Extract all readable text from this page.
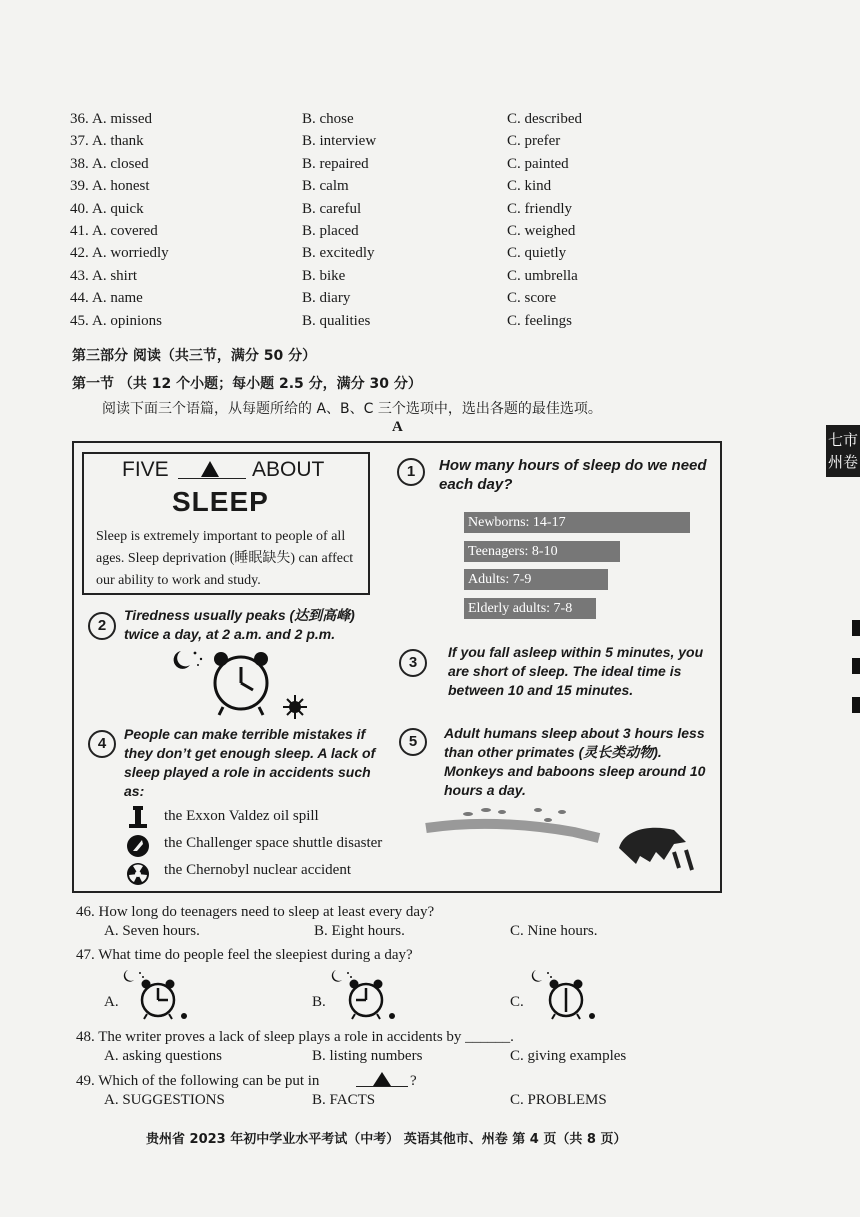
36. A. missed	B. chose	C. described
37. A. thank	B. interview	C. prefer
38. A. closed	B. repaired	C. painted
39. A. honest	B. calm	C. kind
40. A. quick	B. careful	C. friendly
41. A. covered	B. placed	C. weighed
42. A. worriedly	B. excitedly	C. quietly
43. A. shirt	B. bike	C. umbrella
44. A. name	B. diary	C. score
45. A. opinions	B. qualities	C. feelings
第三部分 阅读（共三节，满分 50 分）
第一节 （共 12 个小题；每小题 2.5 分，满分 30 分）
阅读下面三个语篇，从每题所给的 A、B、C 三个选项中，选出各题的最佳选项。
A
FIVE	ABOUT
SLEEP
Sleep is extremely important to people of all ages. Sleep deprivation (睡眠缺失) can affect our ability to work and study.
1	How many hours of sleep do we need each day?
Newborns: 14-17
Teenagers: 8-10
Adults: 7-9
Elderly adults: 7-8
2
Tiredness usually peaks (达到高峰) twice a day, at 2 a.m. and 2 p.m.
3
If you fall asleep within 5 minutes, you are short of sleep. The ideal time is between 10 and 15 minutes.
4
People can make terrible mistakes if they don’t get enough sleep. A lack of sleep played a role in accidents such as:
the Exxon Valdez oil spill
the Challenger space shuttle disaster
the Chernobyl nuclear accident
5	Adult humans sleep about 3 hours less than other primates (灵长类动物). Monkeys and baboons sleep around 10 hours a day.
46. How long do teenagers need to sleep at least every day?
A. Seven hours.	B. Eight hours.	C. Nine hours.
47. What time do people feel the sleepiest during a day?
A.	B.	C.
48. The writer proves a lack of sleep plays a role in accidents by ______.
A. asking questions	B. listing numbers	C. giving examples
49. Which of the following can be put in	?
A. SUGGESTIONS	B. FACTS	C. PROBLEMS
贵州省 2023 年初中学业水平考试（中考） 英语其他市、州卷 第 4 页（共 8 页）
七市
州卷
